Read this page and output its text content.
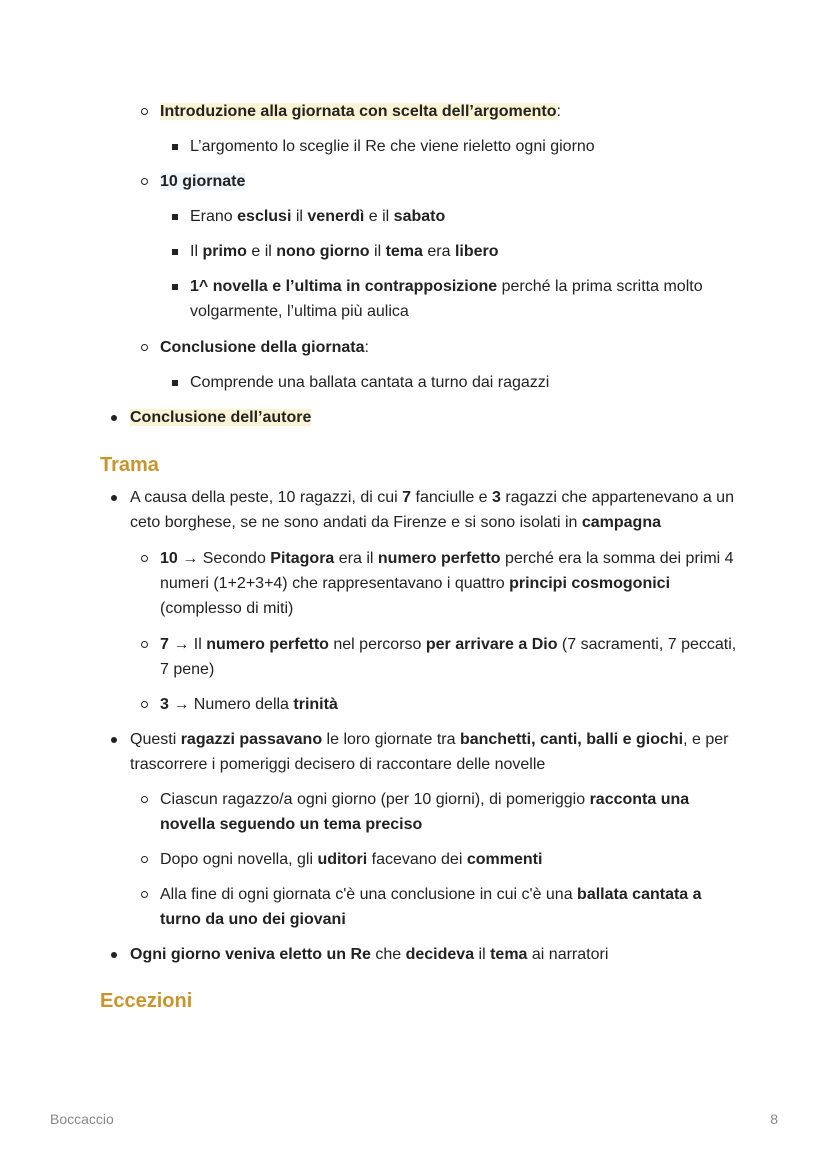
Introduzione alla giornata con scelta dell’argomento:
L’argomento lo sceglie il Re che viene rieletto ogni giorno
10 giornate
Erano esclusi il venerdì e il sabato
Il primo e il nono giorno il tema era libero
1^ novella e l’ultima in contrapposizione perché la prima scritta molto volgarmente, l’ultima più aulica
Conclusione della giornata:
Comprende una ballata cantata a turno dai ragazzi
Conclusione dell’autore
Trama
A causa della peste, 10 ragazzi, di cui 7 fanciulle e 3 ragazzi che appartenevano a un ceto borghese, se ne sono andati da Firenze e si sono isolati in campagna
10 → Secondo Pitagora era il numero perfetto perché era la somma dei primi 4 numeri (1+2+3+4) che rappresentavano i quattro principi cosmogonici (complesso di miti)
7 → Il numero perfetto nel percorso per arrivare a Dio (7 sacramenti, 7 peccati, 7 pene)
3 → Numero della trinità
Questi ragazzi passavano le loro giornate tra banchetti, canti, balli e giochi, e per trascorrere i pomeriggi decisero di raccontare delle novelle
Ciascun ragazzo/a ogni giorno (per 10 giorni), di pomeriggio racconta una novella seguendo un tema preciso
Dopo ogni novella, gli uditori facevano dei commenti
Alla fine di ogni giornata c'è una conclusione in cui c'è una ballata cantata a turno da uno dei giovani
Ogni giorno veniva eletto un Re che decideva il tema ai narratori
Eccezioni
Boccaccio	8
